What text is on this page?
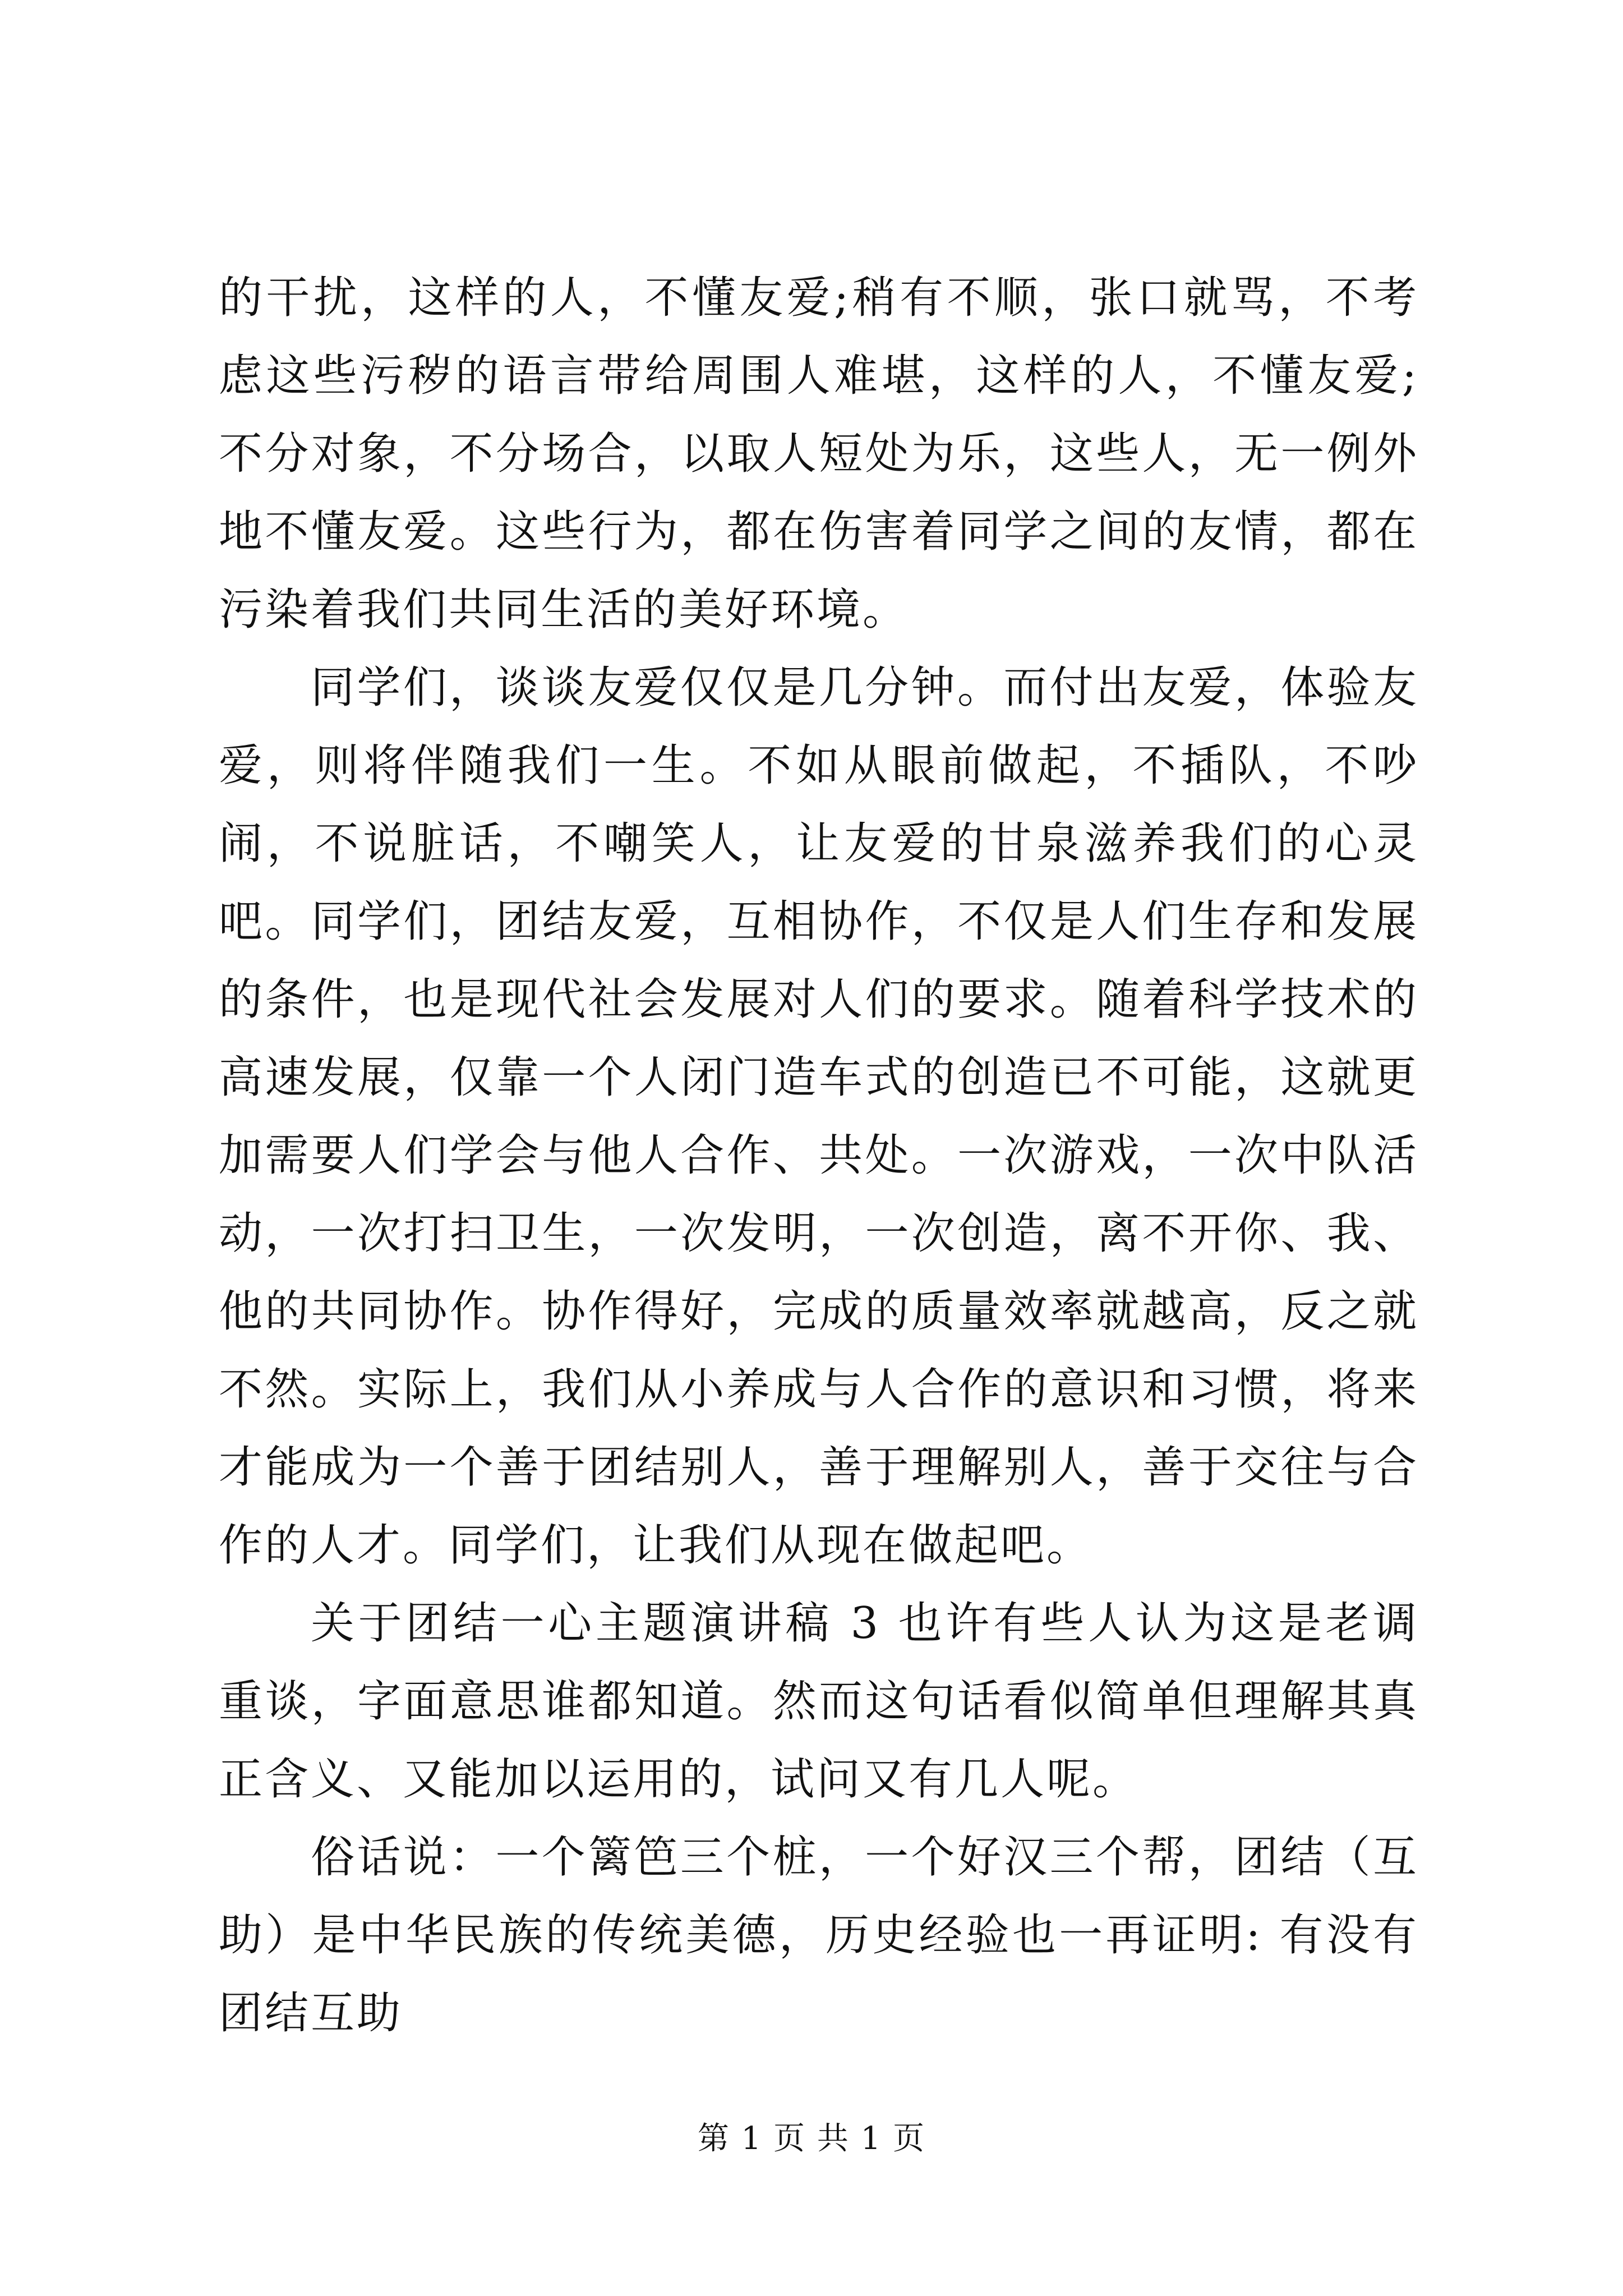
的干扰，这样的人，不懂友爱;稍有不顺，张口就骂，不考虑这些污秽的语言带给周围人难堪，这样的人，不懂友爱;不分对象，不分场合，以取人短处为乐，这些人，无一例外地不懂友爱。这些行为，都在伤害着同学之间的友情，都在污染着我们共同生活的美好环境。

同学们，谈谈友爱仅仅是几分钟。而付出友爱，体验友爱，则将伴随我们一生。不如从眼前做起，不插队，不吵闹，不说脏话，不嘲笑人，让友爱的甘泉滋养我们的心灵吧。同学们，团结友爱，互相协作，不仅是人们生存和发展的条件，也是现代社会发展对人们的要求。随着科学技术的高速发展，仅靠一个人闭门造车式的创造已不可能，这就更加需要人们学会与他人合作、共处。一次游戏，一次中队活动，一次打扫卫生，一次发明，一次创造，离不开你、我、他的共同协作。协作得好，完成的质量效率就越高，反之就不然。实际上，我们从小养成与人合作的意识和习惯，将来才能成为一个善于团结别人，善于理解别人，善于交往与合作的人才。同学们，让我们从现在做起吧。

关于团结一心主题演讲稿 3 也许有些人认为这是老调重谈，字面意思谁都知道。然而这句话看似简单但理解其真正含义、又能加以运用的，试问又有几人呢。

俗话说：一个篱笆三个桩，一个好汉三个帮，团结（互助）是中华民族的传统美德，历史经验也一再证明: 有没有团结互助

第 1 页 共 1 页
